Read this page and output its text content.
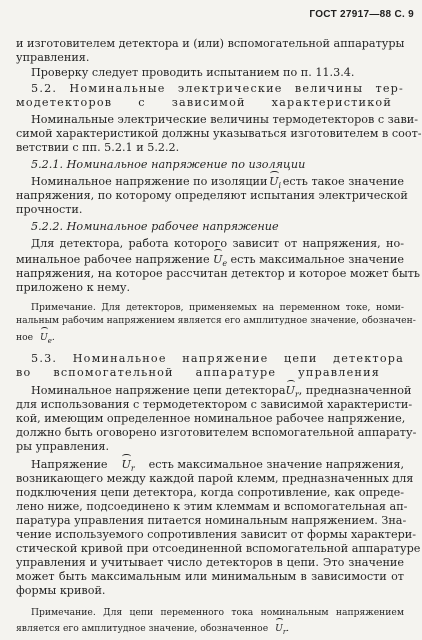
ГОСТ 27917—88 С. 9
и изготовителем детектора и (или) вспомогательной аппаратуры
управления.
Проверку следует проводить испытанием по п. 11.3.4.
5.2. Номинальные электрические величины тер-
модетекторов с зависимой характеристикой
Номинальные электрические величины термодетекторов с зави-
симой характеристикой должны указываться изготовителем в соот-
ветствии с пп. 5.2.1 и 5.2.2.
5.2.1. Номинальное напряжение по изоляции
Номинальное напряжение по изоляции $U_i$ есть такое значение
напряжения, по которому определяют испытания электрической
прочности.
5.2.2. Номинальное рабочее напряжение
Для детектора, работа которого зависит от напряжения, но-
минальное рабочее напряжение $U_e$ есть максимальное значение
напряжения, на которое рассчитан детектор и которое может быть
приложено к нему.
Примечание. Для детекторов, применяемых на переменном токе, номи-
нальным рабочим напряжением является его амплитудное значение, обозначен-
ное $U_e$.
5.3. Номинальное напряжение цепи детектора
во вспомогательной аппаратуре управления
Номинальное напряжение цепи детектора $U_r$ , предназначенной
для использования с термодетектором с зависимой характеристи-
кой, имеющим определенное номинальное рабочее напряжение,
должно быть оговорено изготовителем вспомогательной аппарату-
ры управления.
Напряжение $U_r$ есть максимальное значение напряжения,
возникающего между каждой парой клемм, предназначенных для
подключения цепи детектора, когда сопротивление, как опреде-
лено ниже, подсоединено к этим клеммам и вспомогательная ап-
паратура управления питается номинальным напряжением. Зна-
чение используемого сопротивления зависит от формы характери-
стической кривой при отсоединенной вспомогательной аппаратуре
управления и учитывает число детекторов в цепи. Это значение
может быть максимальным или минимальным в зависимости от
формы кривой.
Примечание. Для цепи переменного тока номинальным напряжением
является его амплитудное значение, обозначенное $U_r$.
